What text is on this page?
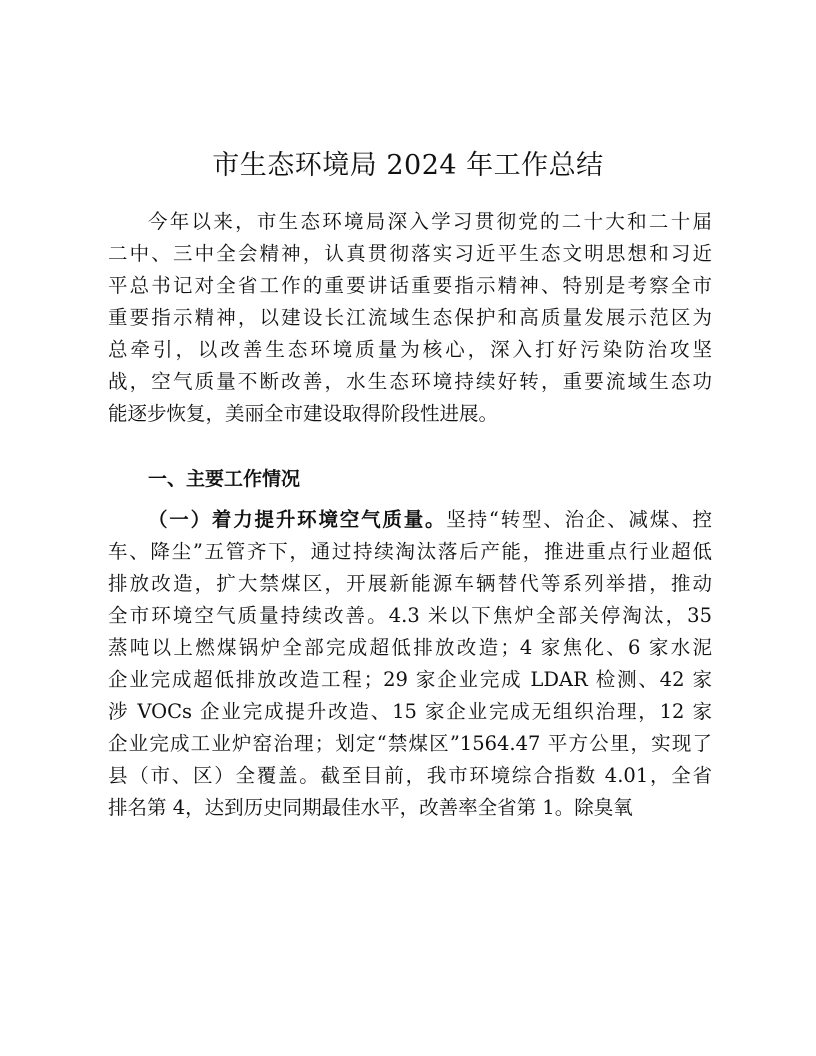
市生态环境局 2024 年工作总结
今年以来，市生态环境局深入学习贯彻党的二十大和二十届
二中、三中全会精神，认真贯彻落实习近平生态文明思想和习近
平总书记对全省工作的重要讲话重要指示精神、特别是考察全市
重要指示精神，以建设长江流域生态保护和高质量发展示范区为
总牵引，以改善生态环境质量为核心，深入打好污染防治攻坚
战，空气质量不断改善，水生态环境持续好转，重要流域生态功
能逐步恢复，美丽全市建设取得阶段性进展。
一、主要工作情况
（一）着力提升环境空气质量。坚持“转型、治企、减煤、控
车、降尘”五管齐下，通过持续淘汰落后产能，推进重点行业超低
排放改造，扩大禁煤区，开展新能源车辆替代等系列举措，推动
全市环境空气质量持续改善。4.3 米以下焦炉全部关停淘汰，35
蒸吨以上燃煤锅炉全部完成超低排放改造；4 家焦化、6 家水泥
企业完成超低排放改造工程；29 家企业完成 LDAR 检测、42 家
涉 VOCs 企业完成提升改造、15 家企业完成无组织治理，12 家
企业完成工业炉窑治理；划定“禁煤区”1564.47 平方公里，实现了
县（市、区）全覆盖。截至目前，我市环境综合指数 4.01，全省
排名第 4，达到历史同期最佳水平，改善率全省第 1。除臭氧
